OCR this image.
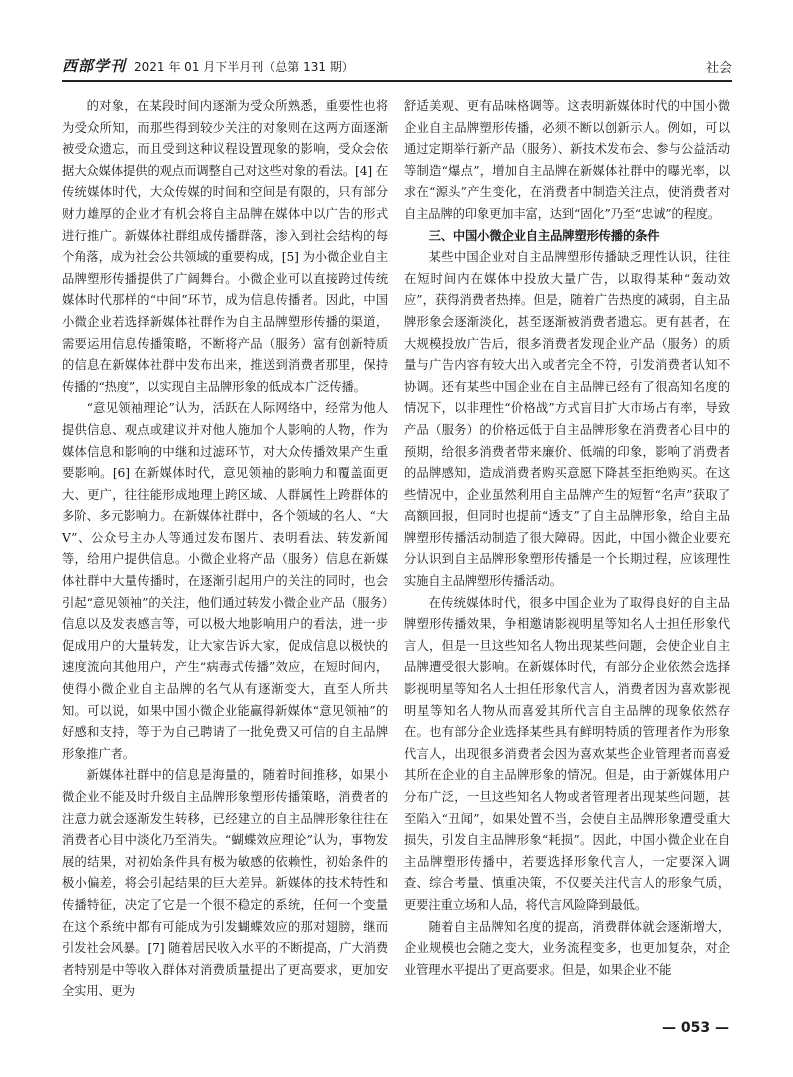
西部学刊 2021 年 01 月下半月刊（总第 131 期）	社会

的对象，在某段时间内逐渐为受众所熟悉，重要性也将为受众所知，而那些得到较少关注的对象则在这两方面逐渐被受众遗忘，而且受到这种议程设置现象的影响，受众会依据大众媒体提供的观点而调整自己对这些对象的看法。[4] 在传统媒体时代，大众传媒的时间和空间是有限的，只有部分财力雄厚的企业才有机会将自主品牌在媒体中以广告的形式进行推广。新媒体社群组成传播群落，渗入到社会结构的每个角落，成为社会公共领域的重要构成，[5] 为小微企业自主品牌塑形传播提供了广阔舞台。小微企业可以直接跨过传统媒体时代那样的“中间”环节，成为信息传播者。因此，中国小微企业若选择新媒体社群作为自主品牌塑形传播的渠道，需要运用信息传播策略，不断将产品（服务）富有创新特质的信息在新媒体社群中发布出来，推送到消费者那里，保持传播的“热度”，以实现自主品牌形象的低成本广泛传播。

“意见领袖理论”认为，活跃在人际网络中，经常为他人提供信息、观点或建议并对他人施加个人影响的人物，作为媒体信息和影响的中继和过滤环节，对大众传播效果产生重要影响。[6] 在新媒体时代，意见领袖的影响力和覆盖面更大、更广，往往能形成地理上跨区域、人群属性上跨群体的多阶、多元影响力。在新媒体社群中，各个领域的名人、“大 V”、公众号主办人等通过发布图片、表明看法、转发新闻等，给用户提供信息。小微企业将产品（服务）信息在新媒体社群中大量传播时，在逐渐引起用户的关注的同时，也会引起“意见领袖”的关注，他们通过转发小微企业产品（服务）信息以及发表感言等，可以极大地影响用户的看法，进一步促成用户的大量转发，让大家告诉大家，促成信息以极快的速度流向其他用户，产生“病毒式传播”效应，在短时间内，使得小微企业自主品牌的名气从有逐渐变大，直至人所共知。可以说，如果中国小微企业能赢得新媒体“意见领袖”的好感和支持，等于为自己聘请了一批免费又可信的自主品牌形象推广者。

新媒体社群中的信息是海量的，随着时间推移，如果小微企业不能及时升级自主品牌形象塑形传播策略，消费者的注意力就会逐渐发生转移，已经建立的自主品牌形象往往在消费者心目中淡化乃至消失。“蝴蝶效应理论”认为，事物发展的结果，对初始条件具有极为敏感的依赖性，初始条件的极小偏差，将会引起结果的巨大差异。新媒体的技术特性和传播特征，决定了它是一个很不稳定的系统，任何一个变量在这个系统中都有可能成为引发蝴蝶效应的那对翅膀，继而引发社会风暴。[7] 随着居民收入水平的不断提高，广大消费者特别是中等收入群体对消费质量提出了更高要求，更加安全实用、更为

舒适美观、更有品味格调等。这表明新媒体时代的中国小微企业自主品牌塑形传播，必须不断以创新示人。例如，可以通过定期举行新产品（服务）、新技术发布会、参与公益活动等制造“爆点”，增加自主品牌在新媒体社群中的曝光率，以求在“源头”产生变化，在消费者中制造关注点，使消费者对自主品牌的印象更加丰富，达到“固化”乃至“忠诚”的程度。

三、中国小微企业自主品牌塑形传播的条件

某些中国企业对自主品牌塑形传播缺乏理性认识，往往在短时间内在媒体中投放大量广告，以取得某种“轰动效应”，获得消费者热捧。但是，随着广告热度的减弱，自主品牌形象会逐渐淡化，甚至逐渐被消费者遗忘。更有甚者，在大规模投放广告后，很多消费者发现企业产品（服务）的质量与广告内容有较大出入或者完全不符，引发消费者认知不协调。还有某些中国企业在自主品牌已经有了很高知名度的情况下，以非理性“价格战”方式盲目扩大市场占有率，导致产品（服务）的价格远低于自主品牌形象在消费者心目中的预期，给很多消费者带来廉价、低端的印象，影响了消费者的品牌感知，造成消费者购买意愿下降甚至拒绝购买。在这些情况中，企业虽然利用自主品牌产生的短暂“名声”获取了高额回报，但同时也提前“透支”了自主品牌形象，给自主品牌塑形传播活动制造了很大障碍。因此，中国小微企业要充分认识到自主品牌形象塑形传播是一个长期过程，应该理性实施自主品牌塑形传播活动。

在传统媒体时代，很多中国企业为了取得良好的自主品牌塑形传播效果，争相邀请影视明星等知名人士担任形象代言人，但是一旦这些知名人物出现某些问题，会使企业自主品牌遭受很大影响。在新媒体时代，有部分企业依然会选择影视明星等知名人士担任形象代言人，消费者因为喜欢影视明星等知名人物从而喜爱其所代言自主品牌的现象依然存在。也有部分企业选择某些具有鲜明特质的管理者作为形象代言人，出现很多消费者会因为喜欢某些企业管理者而喜爱其所在企业的自主品牌形象的情况。但是，由于新媒体用户分布广泛，一旦这些知名人物或者管理者出现某些问题，甚至陷入“丑闻”，如果处置不当，会使自主品牌形象遭受重大损失，引发自主品牌形象“耗损”。因此，中国小微企业在自主品牌塑形传播中，若要选择形象代言人，一定要深入调查、综合考量、慎重决策，不仅要关注代言人的形象气质，更要注重立场和人品，将代言风险降到最低。

随着自主品牌知名度的提高，消费群体就会逐渐增大，企业规模也会随之变大，业务流程变多，也更加复杂，对企业管理水平提出了更高要求。但是，如果企业不能

— 053 —
